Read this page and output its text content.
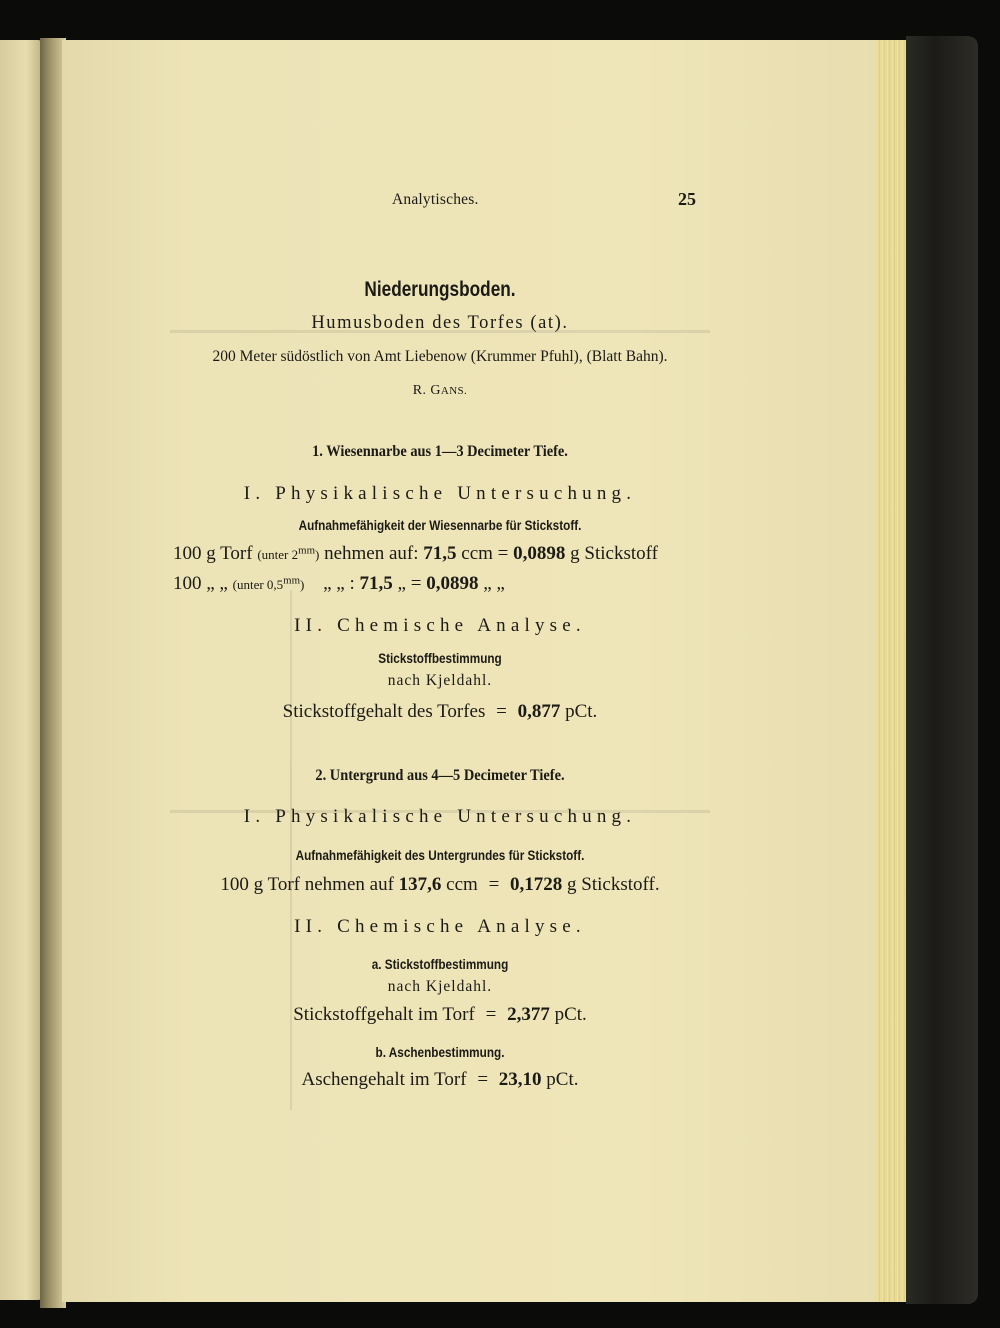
Analytisches.	25
Niederungsboden.
Humusboden des Torfes (at).
200 Meter südöstlich von Amt Liebenow (Krummer Pfuhl), (Blatt Bahn).
R. GANS.
1. Wiesennarbe aus 1—3 Decimeter Tiefe.
I. Physikalische Untersuchung.
Aufnahmefähigkeit der Wiesennarbe für Stickstoff.
100 g Torf (unter $2^{mm}$) nehmen auf: 71,5 ccm = 0,0898 g Stickstoff
100 „ „ (unter $0,5^{mm}$) „ „ : 71,5 „ = 0,0898 „ „
II. Chemische Analyse.
Stickstoffbestimmung
nach Kjeldahl.
Stickstoffgehalt des Torfes = 0,877 pCt.
2. Untergrund aus 4—5 Decimeter Tiefe.
I. Physikalische Untersuchung.
Aufnahmefähigkeit des Untergrundes für Stickstoff.
100 g Torf nehmen auf 137,6 ccm = 0,1728 g Stickstoff.
II. Chemische Analyse.
a. Stickstoffbestimmung
nach Kjeldahl.
Stickstoffgehalt im Torf = 2,377 pCt.
b. Aschenbestimmung.
Aschengehalt im Torf = 23,10 pCt.
